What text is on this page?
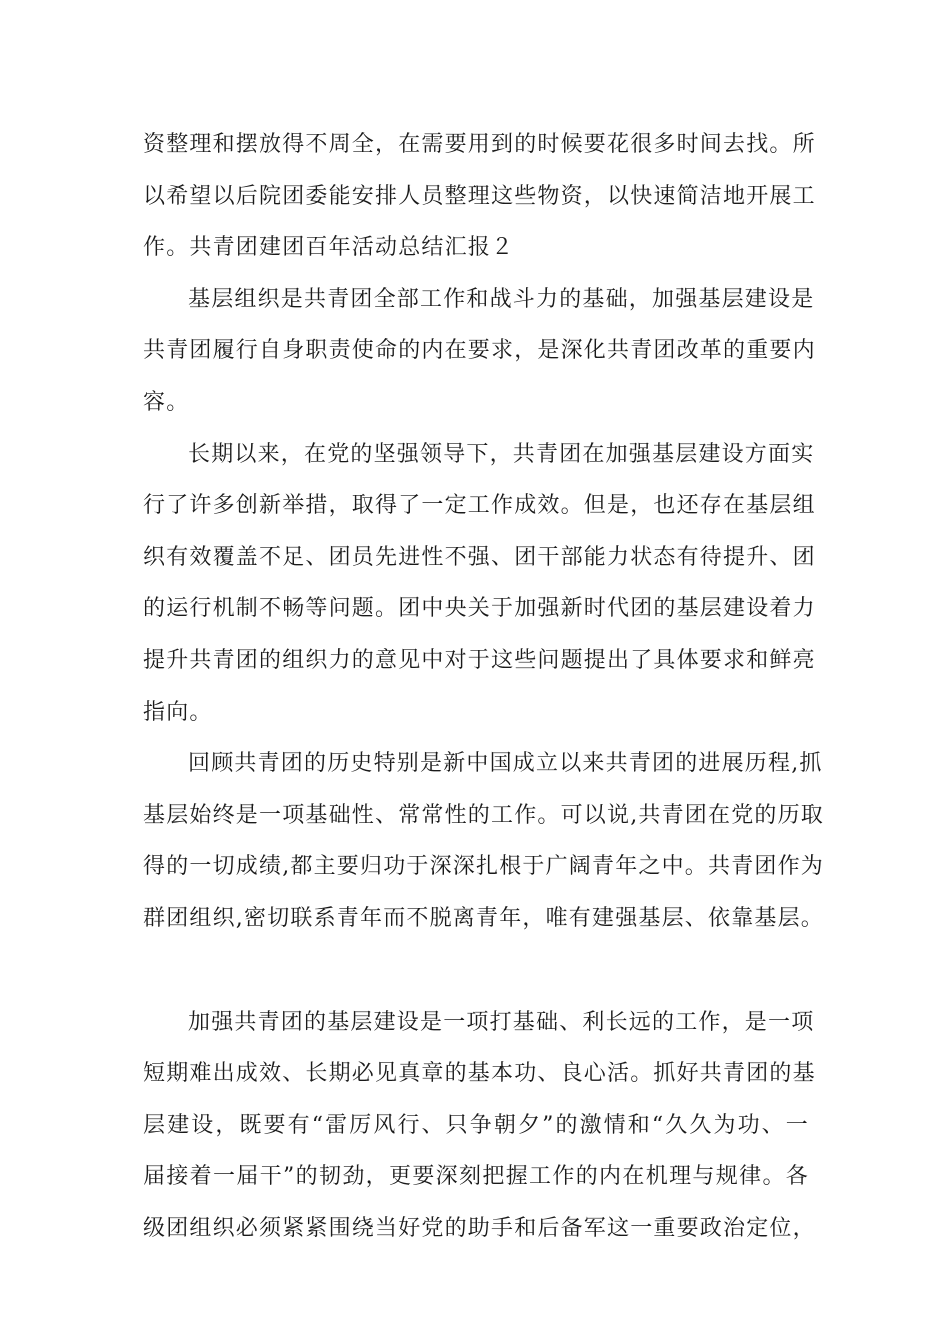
资整理和摆放得不周全，在需要用到的时候要花很多时间去找。所
以希望以后院团委能安排人员整理这些物资，以快速简洁地开展工
作。共青团建团百年活动总结汇报２
基层组织是共青团全部工作和战斗力的基础，加强基层建设是
共青团履行自身职责使命的内在要求，是深化共青团改革的重要内
容。
长期以来，在党的坚强领导下，共青团在加强基层建设方面实
行了许多创新举措，取得了一定工作成效。但是，也还存在基层组
织有效覆盖不足、团员先进性不强、团干部能力状态有待提升、团
的运行机制不畅等问题。团中央关于加强新时代团的基层建设着力
提升共青团的组织力的意见中对于这些问题提出了具体要求和鲜亮
指向。
回顾共青团的历史特别是新中国成立以来共青团的进展历程,抓
基层始终是一项基础性、常常性的工作。可以说,共青团在党的历取
得的一切成绩,都主要归功于深深扎根于广阔青年之中。共青团作为
群团组织,密切联系青年而不脱离青年，唯有建强基层、依靠基层。
加强共青团的基层建设是一项打基础、利长远的工作，是一项
短期难出成效、长期必见真章的基本功、良心活。抓好共青团的基
层建设，既要有“雷厉风行、只争朝夕”的激情和“久久为功、一
届接着一届干”的韧劲，更要深刻把握工作的内在机理与规律。各
级团组织必须紧紧围绕当好党的助手和后备军这一重要政治定位，
